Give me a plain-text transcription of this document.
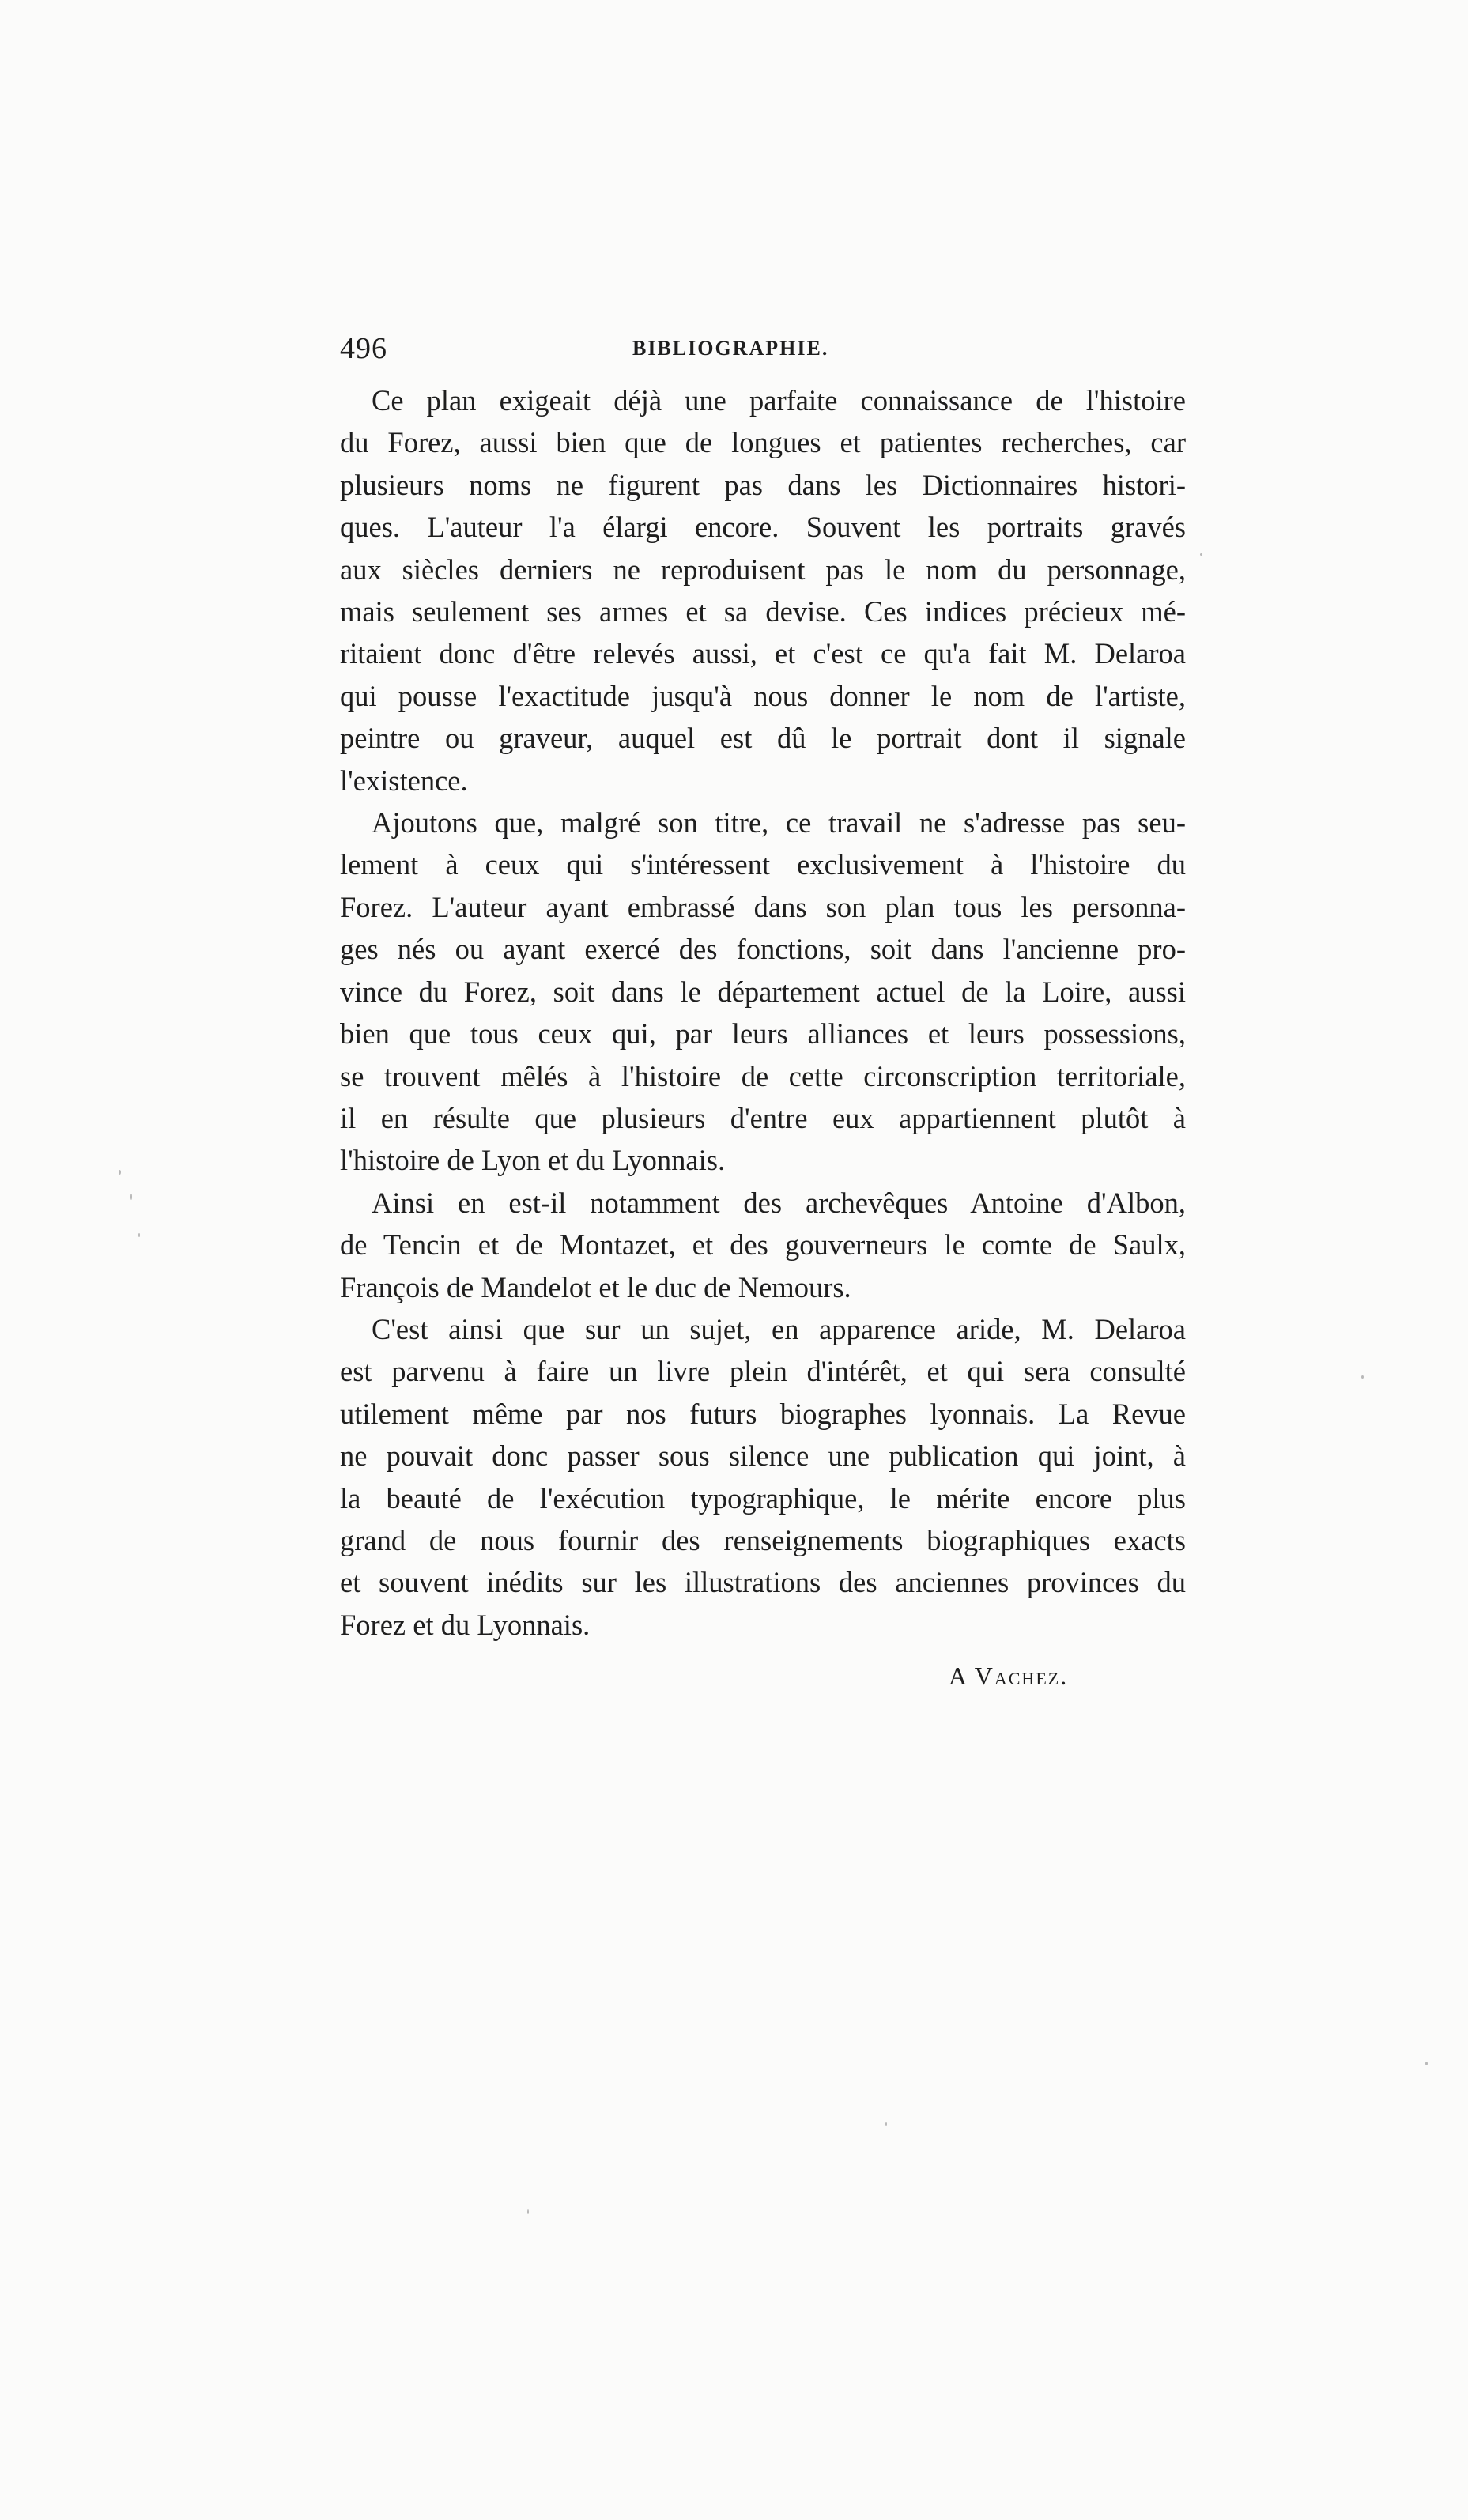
496	BIBLIOGRAPHIE.

Ce plan exigeait déjà une parfaite connaissance de l'histoire
du Forez, aussi bien que de longues et patientes recherches, car
plusieurs noms ne figurent pas dans les Dictionnaires histori-
ques. L'auteur l'a élargi encore. Souvent les portraits gravés
aux siècles derniers ne reproduisent pas le nom du personnage,
mais seulement ses armes et sa devise. Ces indices précieux mé-
ritaient donc d'être relevés aussi, et c'est ce qu'a fait M. Delaroa
qui pousse l'exactitude jusqu'à nous donner le nom de l'artiste,
peintre ou graveur, auquel est dû le portrait dont il signale
l'existence.

Ajoutons que, malgré son titre, ce travail ne s'adresse pas seu-
lement à ceux qui s'intéressent exclusivement à l'histoire du
Forez. L'auteur ayant embrassé dans son plan tous les personna-
ges nés ou ayant exercé des fonctions, soit dans l'ancienne pro-
vince du Forez, soit dans le département actuel de la Loire, aussi
bien que tous ceux qui, par leurs alliances et leurs possessions,
se trouvent mêlés à l'histoire de cette circonscription territoriale,
il en résulte que plusieurs d'entre eux appartiennent plutôt à
l'histoire de Lyon et du Lyonnais.

Ainsi en est-il notamment des archevêques Antoine d'Albon,
de Tencin et de Montazet, et des gouverneurs le comte de Saulx,
François de Mandelot et le duc de Nemours.

C'est ainsi que sur un sujet, en apparence aride, M. Delaroa
est parvenu à faire un livre plein d'intérêt, et qui sera consulté
utilement même par nos futurs biographes lyonnais. La Revue
ne pouvait donc passer sous silence une publication qui joint, à
la beauté de l'exécution typographique, le mérite encore plus
grand de nous fournir des renseignements biographiques exacts
et souvent inédits sur les illustrations des anciennes provinces du
Forez et du Lyonnais.

A Vachez.
